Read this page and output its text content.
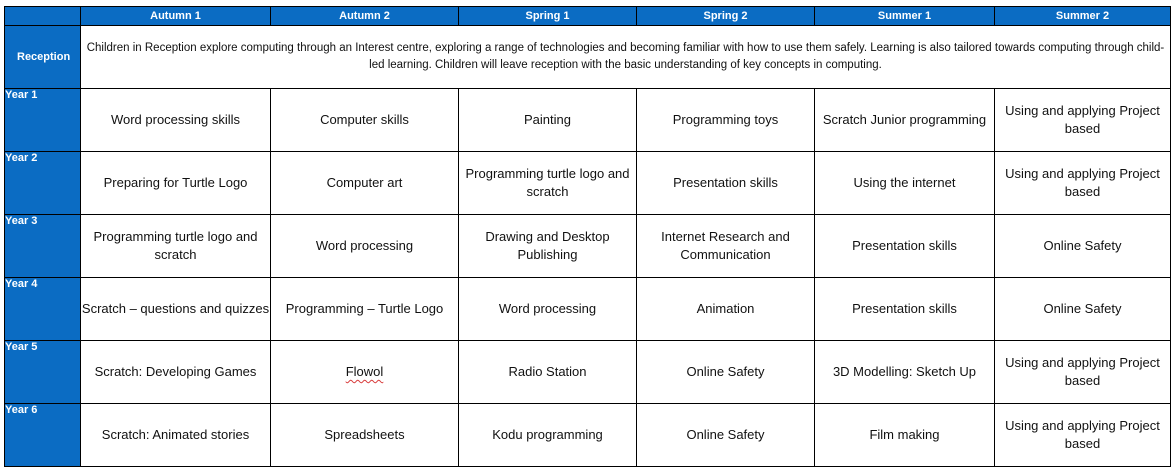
	Autumn 1	Autumn 2	Spring 1	Spring 2	Summer 1	Summer 2
Reception	Children in Reception explore computing through an Interest centre, exploring a range of technologies and becoming familiar with how to use them safely. Learning is also tailored towards computing through child-led learning. Children will leave reception with the basic understanding of key concepts in computing.					
Year 1	Word processing skills	Computer skills	Painting	Programming toys	Scratch Junior programming	Using and applying Project based
Year 2	Preparing for Turtle Logo	Computer art	Programming turtle logo and scratch	Presentation skills	Using the internet	Using and applying Project based
Year 3	Programming turtle logo and scratch	Word processing	Drawing and Desktop Publishing	Internet Research and Communication	Presentation skills	Online Safety
Year 4	Scratch – questions and quizzes	Programming – Turtle Logo	Word processing	Animation	Presentation skills	Online Safety
Year 5	Scratch: Developing Games	Flowol	Radio Station	Online Safety	3D Modelling: Sketch Up	Using and applying Project based
Year 6	Scratch: Animated stories	Spreadsheets	Kodu programming	Online Safety	Film making	Using and applying Project based
